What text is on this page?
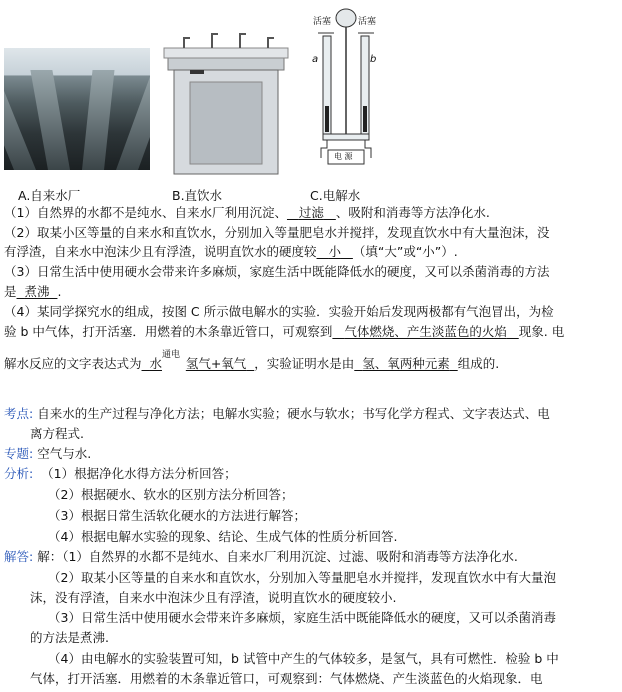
活塞	活塞
a	b
电 源
A.自来水厂	B.直饮水	C.电解水
（1）自然界的水都不是纯水、自来水厂利用沉淀、 过滤 、吸附和消毒等方法净化水.
（2）取某小区等量的自来水和直饮水，分别加入等量肥皂水并搅拌，发现直饮水中有大量泡沫，没
有浮渣，自来水中泡沫少且有浮渣，说明直饮水的硬度较 小 （填“大”或“小”）.
（3）日常生活中使用硬水会带来许多麻烦，家庭生活中既能降低水的硬度，又可以杀菌消毒的方法
是 煮沸 .
（4）某同学探究水的组成，按图 C 所示做电解水的实验．实验开始后发现两极都有气泡冒出，为检
验 b 中气体，打开活塞．用燃着的木条靠近管口，可观察到 气体燃烧、产生淡蓝色的火焰 现象. 电
解水反应的文字表达式为 水
通电
氢气+氧气 ，实验证明水是由 氢、氧两种元素 组成的.
考点: 自来水的生产过程与净化方法；电解水实验；硬水与软水；书写化学方程式、文字表达式、电
离方程式.
专题: 空气与水.
分析: （1）根据净化水得方法分析回答；
（2）根据硬水、软水的区别方法分析回答；
（3）根据日常生活软化硬水的方法进行解答；
（4）根据电解水实验的现象、结论、生成气体的性质分析回答.
解答: 解：（1）自然界的水都不是纯水、自来水厂利用沉淀、过滤、吸附和消毒等方法净化水.
（2）取某小区等量的自来水和直饮水，分别加入等量肥皂水并搅拌，发现直饮水中有大量泡
沫，没有浮渣，自来水中泡沫少且有浮渣，说明直饮水的硬度较小.
（3）日常生活中使用硬水会带来许多麻烦，家庭生活中既能降低水的硬度，又可以杀菌消毒
的方法是煮沸.
（4）由电解水的实验装置可知，b 试管中产生的气体较多，是氢气，具有可燃性．检验 b 中
气体，打开活塞．用燃着的木条靠近管口，可观察到：气体燃烧、产生淡蓝色的火焰现象．电
